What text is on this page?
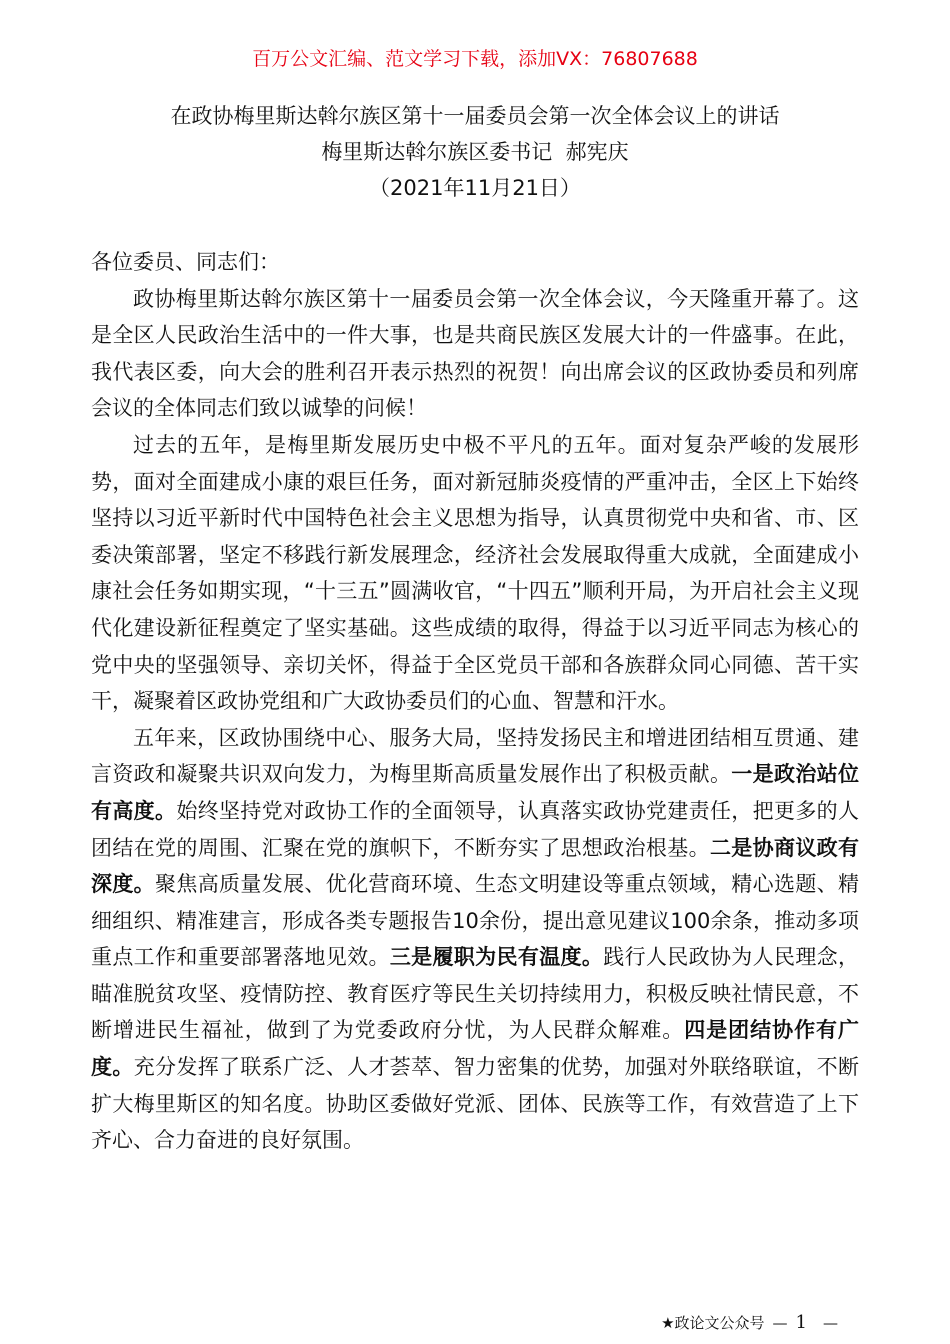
百万公文汇编、范文学习下载，添加VX：76807688
在政协梅里斯达斡尔族区第十一届委员会第一次全体会议上的讲话
梅里斯达斡尔族区委书记  郝宪庆
（2021年11月21日）

各位委员、同志们：

政协梅里斯达斡尔族区第十一届委员会第一次全体会议，今天隆重开幕了。这是全区人民政治生活中的一件大事，也是共商民族区发展大计的一件盛事。在此，我代表区委，向大会的胜利召开表示热烈的祝贺！向出席会议的区政协委员和列席会议的全体同志们致以诚挚的问候！

过去的五年，是梅里斯发展历史中极不平凡的五年。面对复杂严峻的发展形势，面对全面建成小康的艰巨任务，面对新冠肺炎疫情的严重冲击，全区上下始终坚持以习近平新时代中国特色社会主义思想为指导，认真贯彻党中央和省、市、区委决策部署，坚定不移践行新发展理念，经济社会发展取得重大成就，全面建成小康社会任务如期实现，“十三五”圆满收官，“十四五”顺利开局，为开启社会主义现代化建设新征程奠定了坚实基础。这些成绩的取得，得益于以习近平同志为核心的党中央的坚强领导、亲切关怀，得益于全区党员干部和各族群众同心同德、苦干实干，凝聚着区政协党组和广大政协委员们的心血、智慧和汗水。

五年来，区政协围绕中心、服务大局，坚持发扬民主和增进团结相互贯通、建言资政和凝聚共识双向发力，为梅里斯高质量发展作出了积极贡献。一是政治站位有高度。始终坚持党对政协工作的全面领导，认真落实政协党建责任，把更多的人团结在党的周围、汇聚在党的旗帜下，不断夯实了思想政治根基。二是协商议政有深度。聚焦高质量发展、优化营商环境、生态文明建设等重点领域，精心选题、精细组织、精准建言，形成各类专题报告10余份，提出意见建议100余条，推动多项重点工作和重要部署落地见效。三是履职为民有温度。践行人民政协为人民理念，瞄准脱贫攻坚、疫情防控、教育医疗等民生关切持续用力，积极反映社情民意，不断增进民生福祉，做到了为党委政府分忧，为人民群众解难。四是团结协作有广度。充分发挥了联系广泛、人才荟萃、智力密集的优势，加强对外联络联谊，不断扩大梅里斯区的知名度。协助区委做好党派、团体、民族等工作，有效营造了上下齐心、合力奋进的良好氛围。

★政论文公众号 — 1 —
